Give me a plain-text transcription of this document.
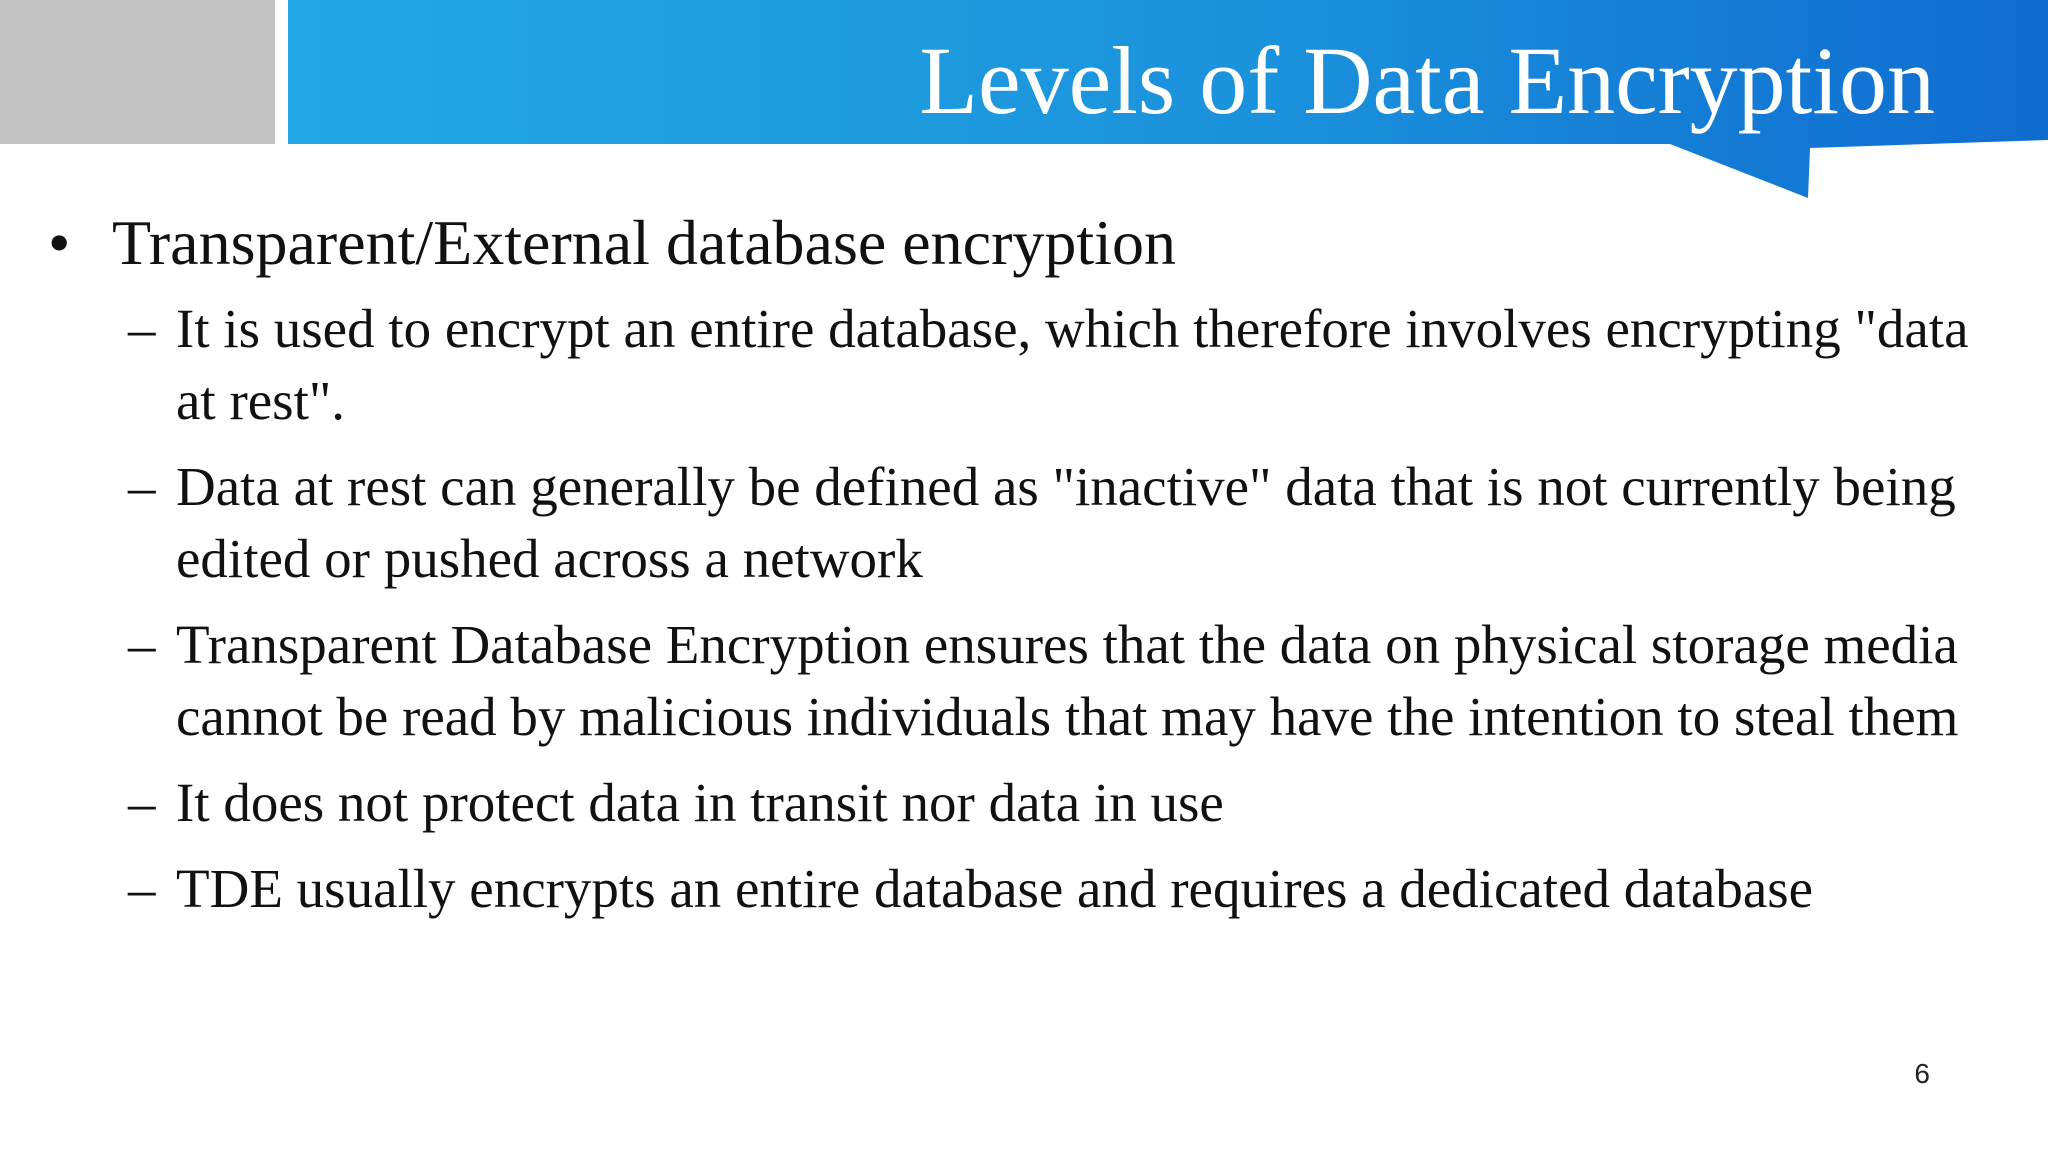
Levels of Data Encryption
• Transparent/External database encryption
– It is used to encrypt an entire database, which therefore involves encrypting "data at rest".
– Data at rest can generally be defined as "inactive" data that is not currently being edited or pushed across a network
– Transparent Database Encryption ensures that the data on physical storage media cannot be read by malicious individuals that may have the intention to steal them
– It does not protect data in transit nor data in use
– TDE usually encrypts an entire database and requires a dedicated database
6
